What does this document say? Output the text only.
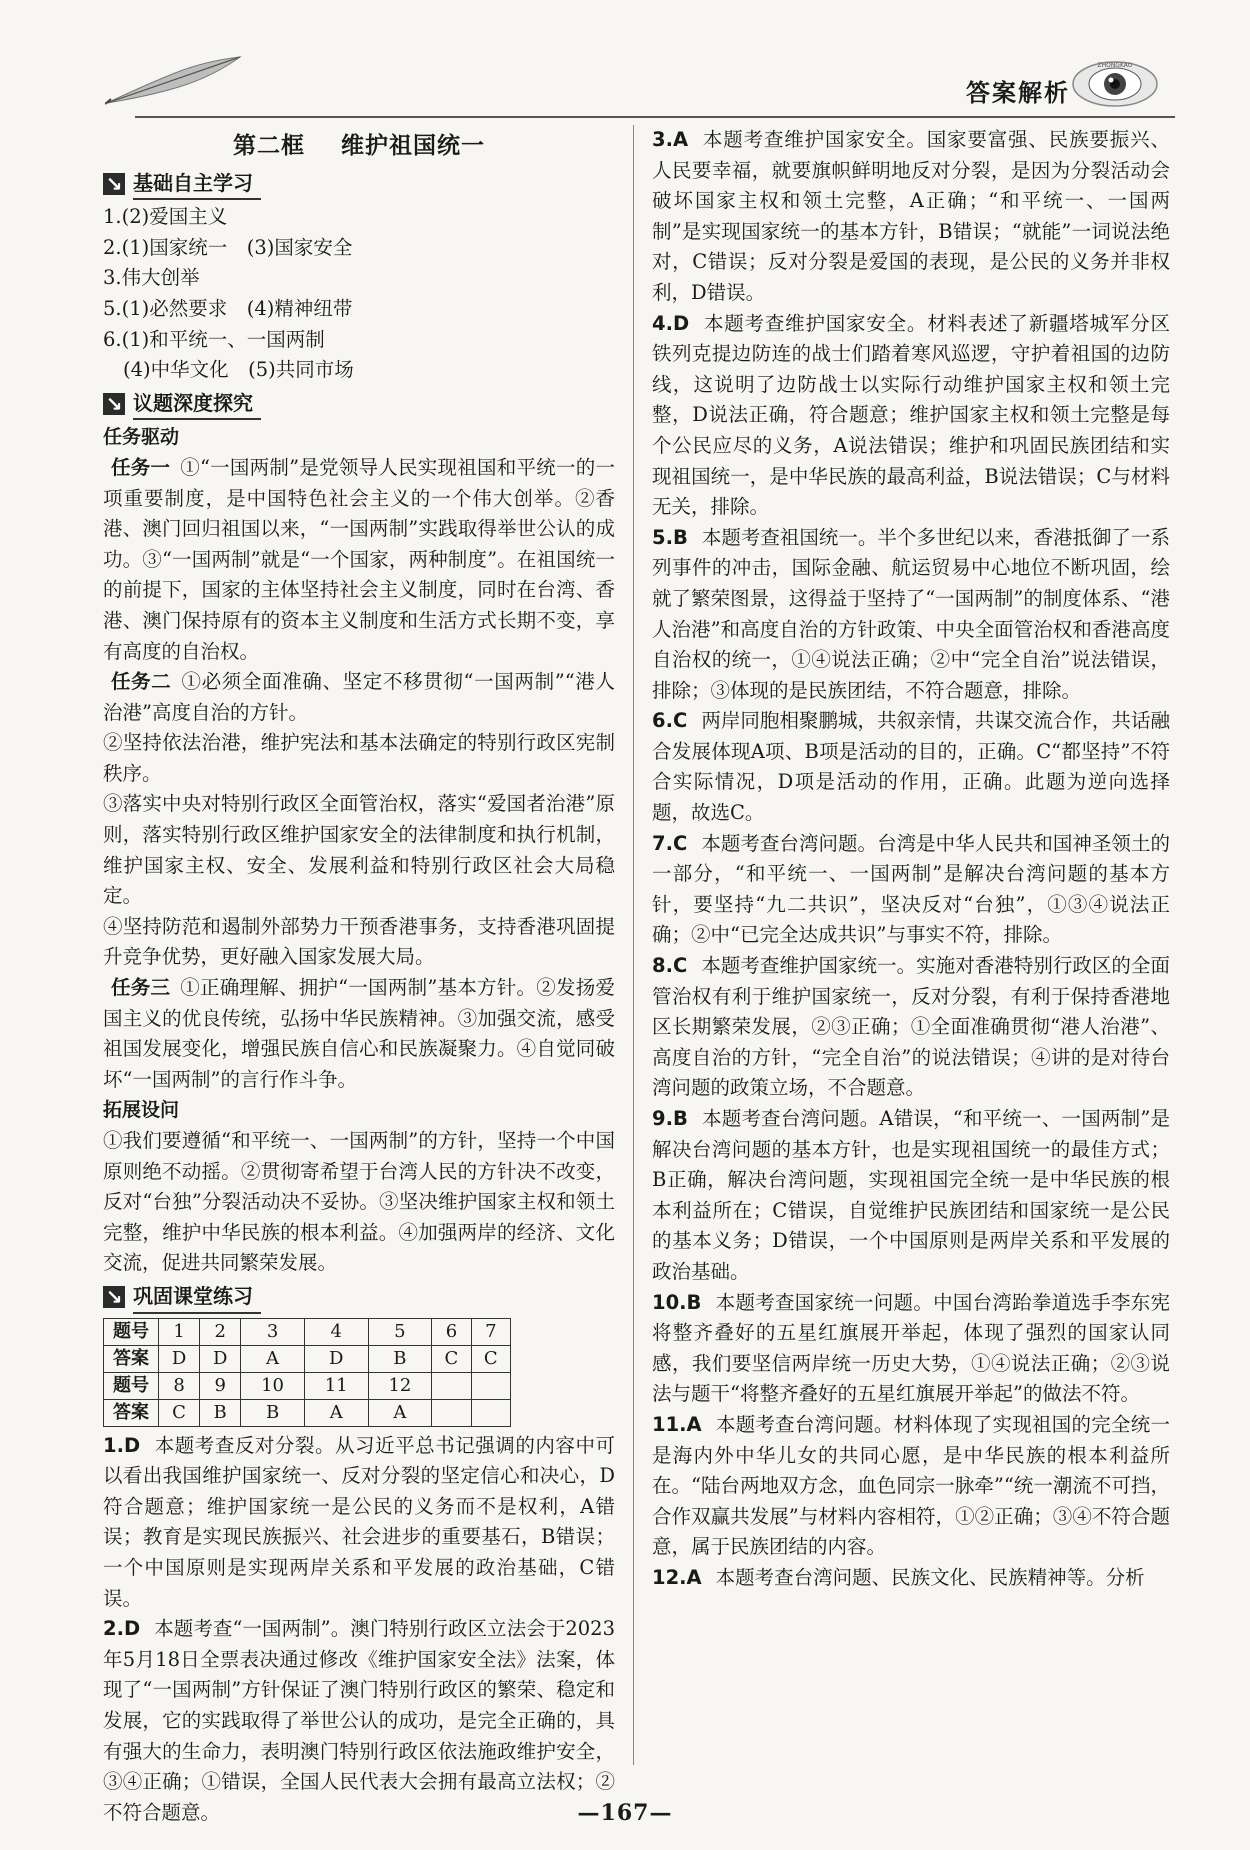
答案解析
ZHONGKAO
第二框 维护祖国统一
↘ 基础自主学习

1.(2)爱国主义

2.(1)国家统一　(3)国家安全

3.伟大创举

5.(1)必然要求　(4)精神纽带

6.(1)和平统一、一国两制

(4)中华文化　(5)共同市场

↘ 议题深度探究
任务驱动

任务一 ①“一国两制”是党领导人民实现祖国和平统一的一项重要制度，是中国特色社会主义的一个伟大创举。②香港、澳门回归祖国以来，“一国两制”实践取得举世公认的成功。③“一国两制”就是“一个国家，两种制度”。在祖国统一的前提下，国家的主体坚持社会主义制度，同时在台湾、香港、澳门保持原有的资本主义制度和生活方式长期不变，享有高度的自治权。

任务二 ①必须全面准确、坚定不移贯彻“一国两制”“港人治港”高度自治的方针。

②坚持依法治港，维护宪法和基本法确定的特别行政区宪制秩序。

③落实中央对特别行政区全面管治权，落实“爱国者治港”原则，落实特别行政区维护国家安全的法律制度和执行机制，维护国家主权、安全、发展利益和特别行政区社会大局稳定。

④坚持防范和遏制外部势力干预香港事务，支持香港巩固提升竞争优势，更好融入国家发展大局。

任务三 ①正确理解、拥护“一国两制”基本方针。②发扬爱国主义的优良传统，弘扬中华民族精神。③加强交流，感受祖国发展变化，增强民族自信心和民族凝聚力。④自觉同破坏“一国两制”的言行作斗争。

拓展设问

①我们要遵循“和平统一、一国两制”的方针，坚持一个中国原则绝不动摇。②贯彻寄希望于台湾人民的方针决不改变，反对“台独”分裂活动决不妥协。③坚决维护国家主权和领土完整，维护中华民族的根本利益。④加强两岸的经济、文化交流，促进共同繁荣发展。

↘ 巩固课堂练习
题号	1	2	3	4	5	6	7
答案	D	D	A	D	B	C	C
题号	8	9	10	11	12		
答案	C	B	B	A	A		

1.D 本题考查反对分裂。从习近平总书记强调的内容中可以看出我国维护国家统一、反对分裂的坚定信心和决心，D符合题意；维护国家统一是公民的义务而不是权利，A错误；教育是实现民族振兴、社会进步的重要基石，B错误；一个中国原则是实现两岸关系和平发展的政治基础，C错误。

2.D 本题考查“一国两制”。澳门特别行政区立法会于2023年5月18日全票表决通过修改《维护国家安全法》法案，体现了“一国两制”方针保证了澳门特别行政区的繁荣、稳定和发展，它的实践取得了举世公认的成功，是完全正确的，具有强大的生命力，表明澳门特别行政区依法施政维护安全，③④正确；①错误，全国人民代表大会拥有最高立法权；②不符合题意。

3.A 本题考查维护国家安全。国家要富强、民族要振兴、人民要幸福，就要旗帜鲜明地反对分裂，是因为分裂活动会破坏国家主权和领土完整，A正确；“和平统一、一国两制”是实现国家统一的基本方针，B错误；“就能”一词说法绝对，C错误；反对分裂是爱国的表现，是公民的义务并非权利，D错误。

4.D 本题考查维护国家安全。材料表述了新疆塔城军分区铁列克提边防连的战士们踏着寒风巡逻，守护着祖国的边防线，这说明了边防战士以实际行动维护国家主权和领土完整，D说法正确，符合题意；维护国家主权和领土完整是每个公民应尽的义务，A说法错误；维护和巩固民族团结和实现祖国统一，是中华民族的最高利益，B说法错误；C与材料无关，排除。

5.B 本题考查祖国统一。半个多世纪以来，香港抵御了一系列事件的冲击，国际金融、航运贸易中心地位不断巩固，绘就了繁荣图景，这得益于坚持了“一国两制”的制度体系、“港人治港”和高度自治的方针政策、中央全面管治权和香港高度自治权的统一，①④说法正确；②中“完全自治”说法错误，排除；③体现的是民族团结，不符合题意，排除。

6.C 两岸同胞相聚鹏城，共叙亲情，共谋交流合作，共话融合发展体现A项、B项是活动的目的，正确。C“都坚持”不符合实际情况，D项是活动的作用，正确。此题为逆向选择题，故选C。

7.C 本题考查台湾问题。台湾是中华人民共和国神圣领土的一部分，“和平统一、一国两制”是解决台湾问题的基本方针，要坚持“九二共识”，坚决反对“台独”，①③④说法正确；②中“已完全达成共识”与事实不符，排除。

8.C 本题考查维护国家统一。实施对香港特别行政区的全面管治权有利于维护国家统一，反对分裂，有利于保持香港地区长期繁荣发展，②③正确；①全面准确贯彻“港人治港”、高度自治的方针，“完全自治”的说法错误；④讲的是对待台湾问题的政策立场，不合题意。

9.B 本题考查台湾问题。A错误，“和平统一、一国两制”是解决台湾问题的基本方针，也是实现祖国统一的最佳方式；B正确，解决台湾问题，实现祖国完全统一是中华民族的根本利益所在；C错误，自觉维护民族团结和国家统一是公民的基本义务；D错误，一个中国原则是两岸关系和平发展的政治基础。

10.B 本题考查国家统一问题。中国台湾跆拳道选手李东宪将整齐叠好的五星红旗展开举起，体现了强烈的国家认同感，我们要坚信两岸统一历史大势，①④说法正确；②③说法与题干“将整齐叠好的五星红旗展开举起”的做法不符。

11.A 本题考查台湾问题。材料体现了实现祖国的完全统一是海内外中华儿女的共同心愿，是中华民族的根本利益所在。“陆台两地双方念，血色同宗一脉牵”“统一潮流不可挡，合作双赢共发展”与材料内容相符，①②正确；③④不符合题意，属于民族团结的内容。

12.A 本题考查台湾问题、民族文化、民族精神等。分析

—167—
